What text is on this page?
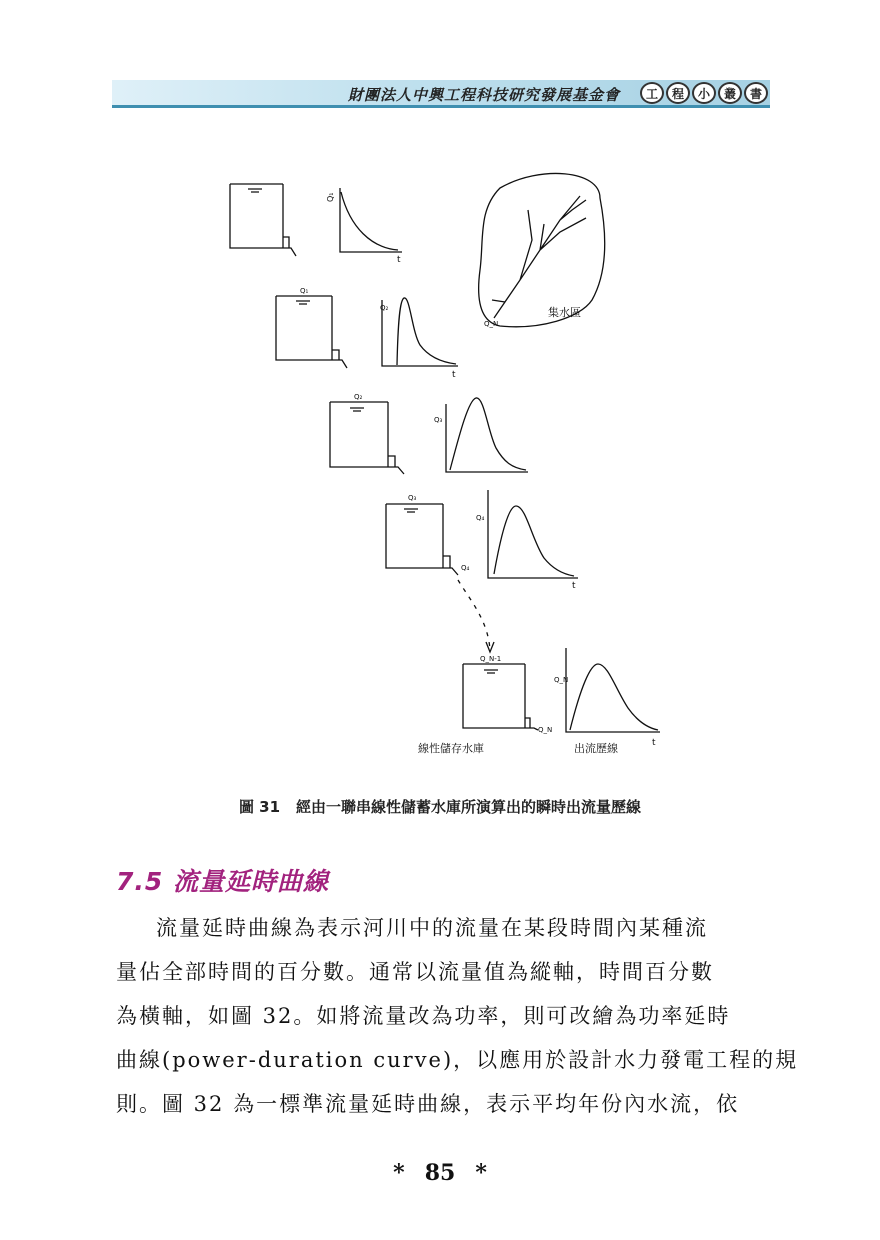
財團法人中興工程科技研究發展基金會	工	程	小	叢	書
Q₁
t
Q_N
集水區
Q₁
Q₂
t
Q₂
Q₃
Q₃
Q₄
Q₄
t
Q_N-1
Q_N
Q_N
t
線性儲存水庫	出流歷線
圖 31 經由一聯串線性儲蓄水庫所演算出的瞬時出流量歷線
7.5 流量延時曲線
流量延時曲線為表示河川中的流量在某段時間內某種流
量佔全部時間的百分數。通常以流量值為縱軸，時間百分數
為橫軸，如圖 32。如將流量改為功率，則可改繪為功率延時
曲線(power-duration curve)，以應用於設計水力發電工程的規
則。圖 32 為一標準流量延時曲線，表示平均年份內水流，依
* 85 *
